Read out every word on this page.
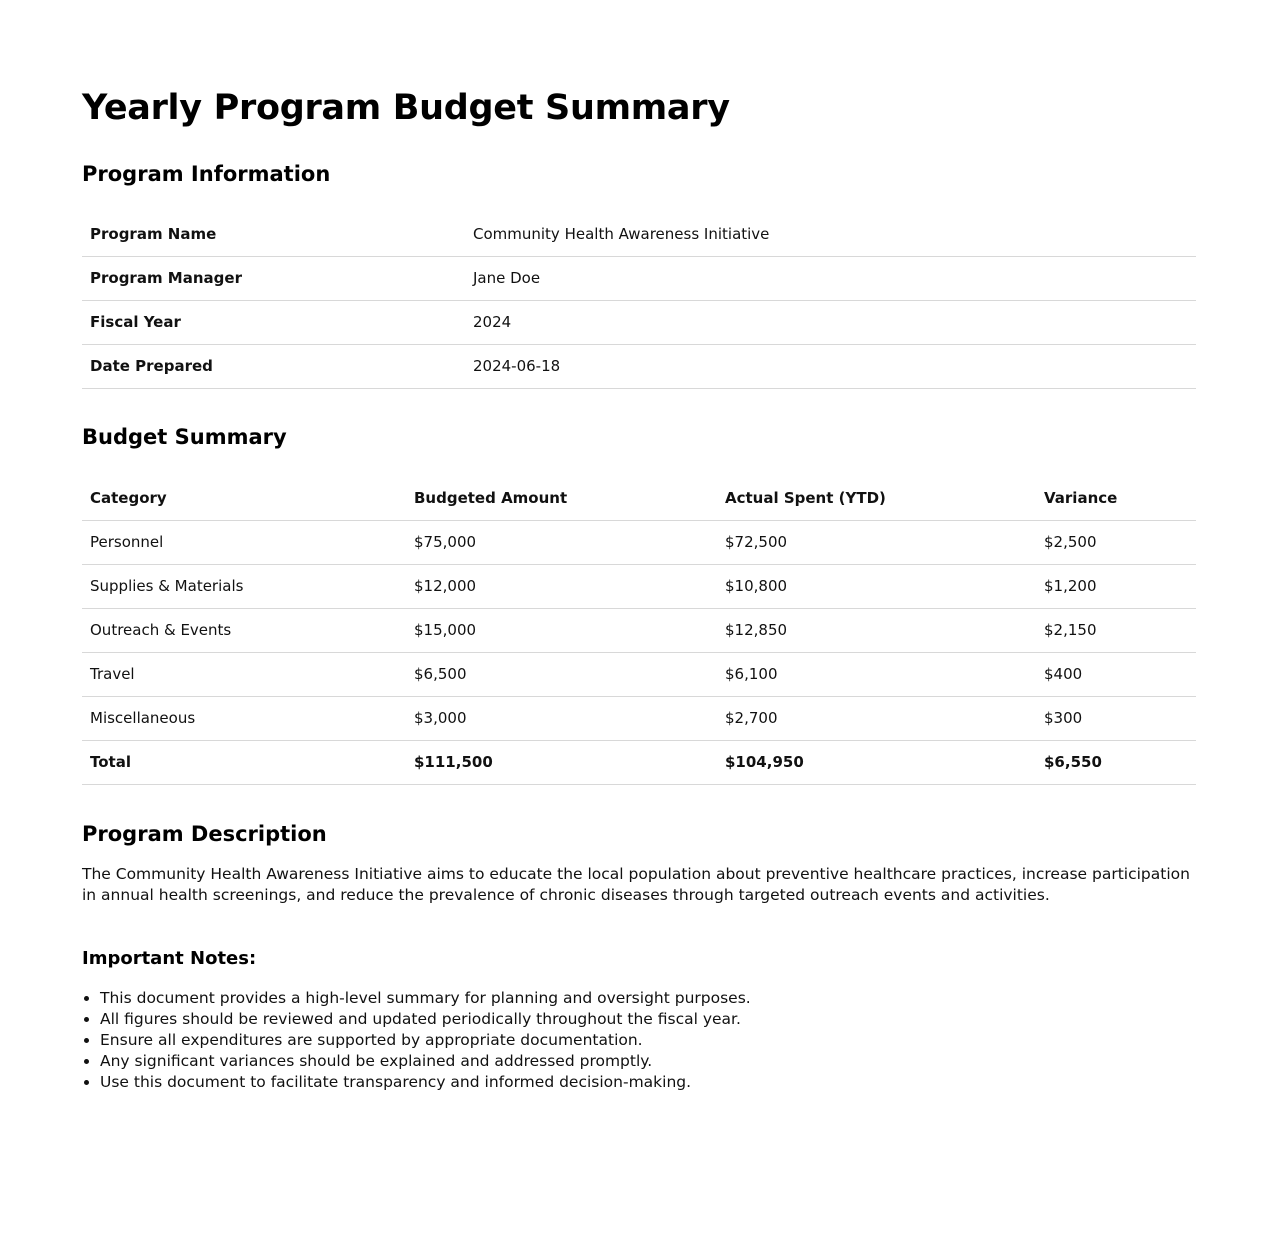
Yearly Program Budget Summary
Program Information
Program Name	Community Health Awareness Initiative
Program Manager	Jane Doe
Fiscal Year	2024
Date Prepared	2024-06-18
Budget Summary
Category	Budgeted Amount	Actual Spent (YTD)	Variance
Personnel	$75,000	$72,500	$2,500
Supplies & Materials	$12,000	$10,800	$1,200
Outreach & Events	$15,000	$12,850	$2,150
Travel	$6,500	$6,100	$400
Miscellaneous	$3,000	$2,700	$300
Total	$111,500	$104,950	$6,550
Program Description

The Community Health Awareness Initiative aims to educate the local population about preventive healthcare practices, increase participation in annual health screenings, and reduce the prevalence of chronic diseases through targeted outreach events and activities.

Important Notes:
• This document provides a high-level summary for planning and oversight purposes.
• All figures should be reviewed and updated periodically throughout the fiscal year.
• Ensure all expenditures are supported by appropriate documentation.
• Any significant variances should be explained and addressed promptly.
• Use this document to facilitate transparency and informed decision-making.
